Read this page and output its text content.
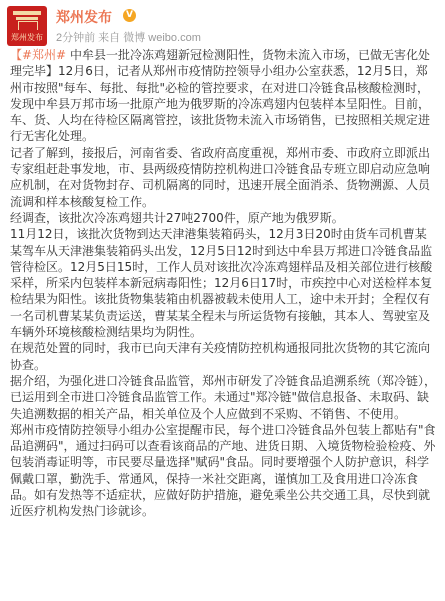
郑州发布
郑州发布	V
2分钟前 来自 微博 weibo.com
【#郑州# 中牟县一批冷冻鸡翅新冠检测阳性，货物未流入市场，已做无害化处理完毕】12月6日，记者从郑州市疫情防控领导小组办公室获悉，12月5日，郑州市按照"每车、每批、每批"必检的管控要求，在对进口冷链食品核酸检测时，发现中牟县万邦市场一批原产地为俄罗斯的冷冻鸡翅内包装样本呈阳性。目前，车、货、人均在待检区隔离管控，该批货物未流入市场销售，已按照相关规定进行无害化处理。
记者了解到，接报后，河南省委、省政府高度重视，郑州市委、市政府立即派出专家组赶赴事发地，市、县两级疫情防控机构进口冷链食品专班立即启动应急响应机制，在对货物封存、司机隔离的同时，迅速开展全面消杀、货物溯源、人员流调和样本核酸复检工作。
经调查，该批次冷冻鸡翅共计27吨2700件，原产地为俄罗斯。
11月12日，该批次货物到达天津港集装箱码头，12月3日20时由货车司机曹某某驾车从天津港集装箱码头出发，12月5日12时到达中牟县万邦进口冷链食品监管待检区。12月5日15时，工作人员对该批次冷冻鸡翅样品及相关部位进行核酸采样，所采内包装样本新冠病毒阳性；12月6日17时，市疾控中心对送检样本复检结果为阳性。该批货物集装箱由机器被载未使用人工，途中未开封；全程仅有一名司机曹某某负责运送，曹某某全程未与所运货物有接触，其本人、驾驶室及车辆外环境核酸检测结果均为阴性。
在规范处置的同时，我市已向天津有关疫情防控机构通报同批次货物的其它流向协查。
据介绍，为强化进口冷链食品监管，郑州市研发了冷链食品追溯系统（郑冷链），已运用到全市进口冷链食品监管工作。未通过"郑冷链"做信息报备、未取码、缺失追溯数据的相关产品，相关单位及个人应做到不采购、不销售、不使用。
郑州市疫情防控领导小组办公室提醒市民，每个进口冷链食品外包装上都贴有"食品追溯码"，通过扫码可以查看该商品的产地、进货日期、入境货物检验检疫、外包装消毒证明等，市民要尽量选择"赋码"食品。同时要增强个人防护意识，科学佩戴口罩，勤洗手、常通风，保持一米社交距离，谨慎加工及食用进口冷冻食品。如有发热等不适症状，应做好防护措施，避免乘坐公共交通工具，尽快到就近医疗机构发热门诊就诊。
